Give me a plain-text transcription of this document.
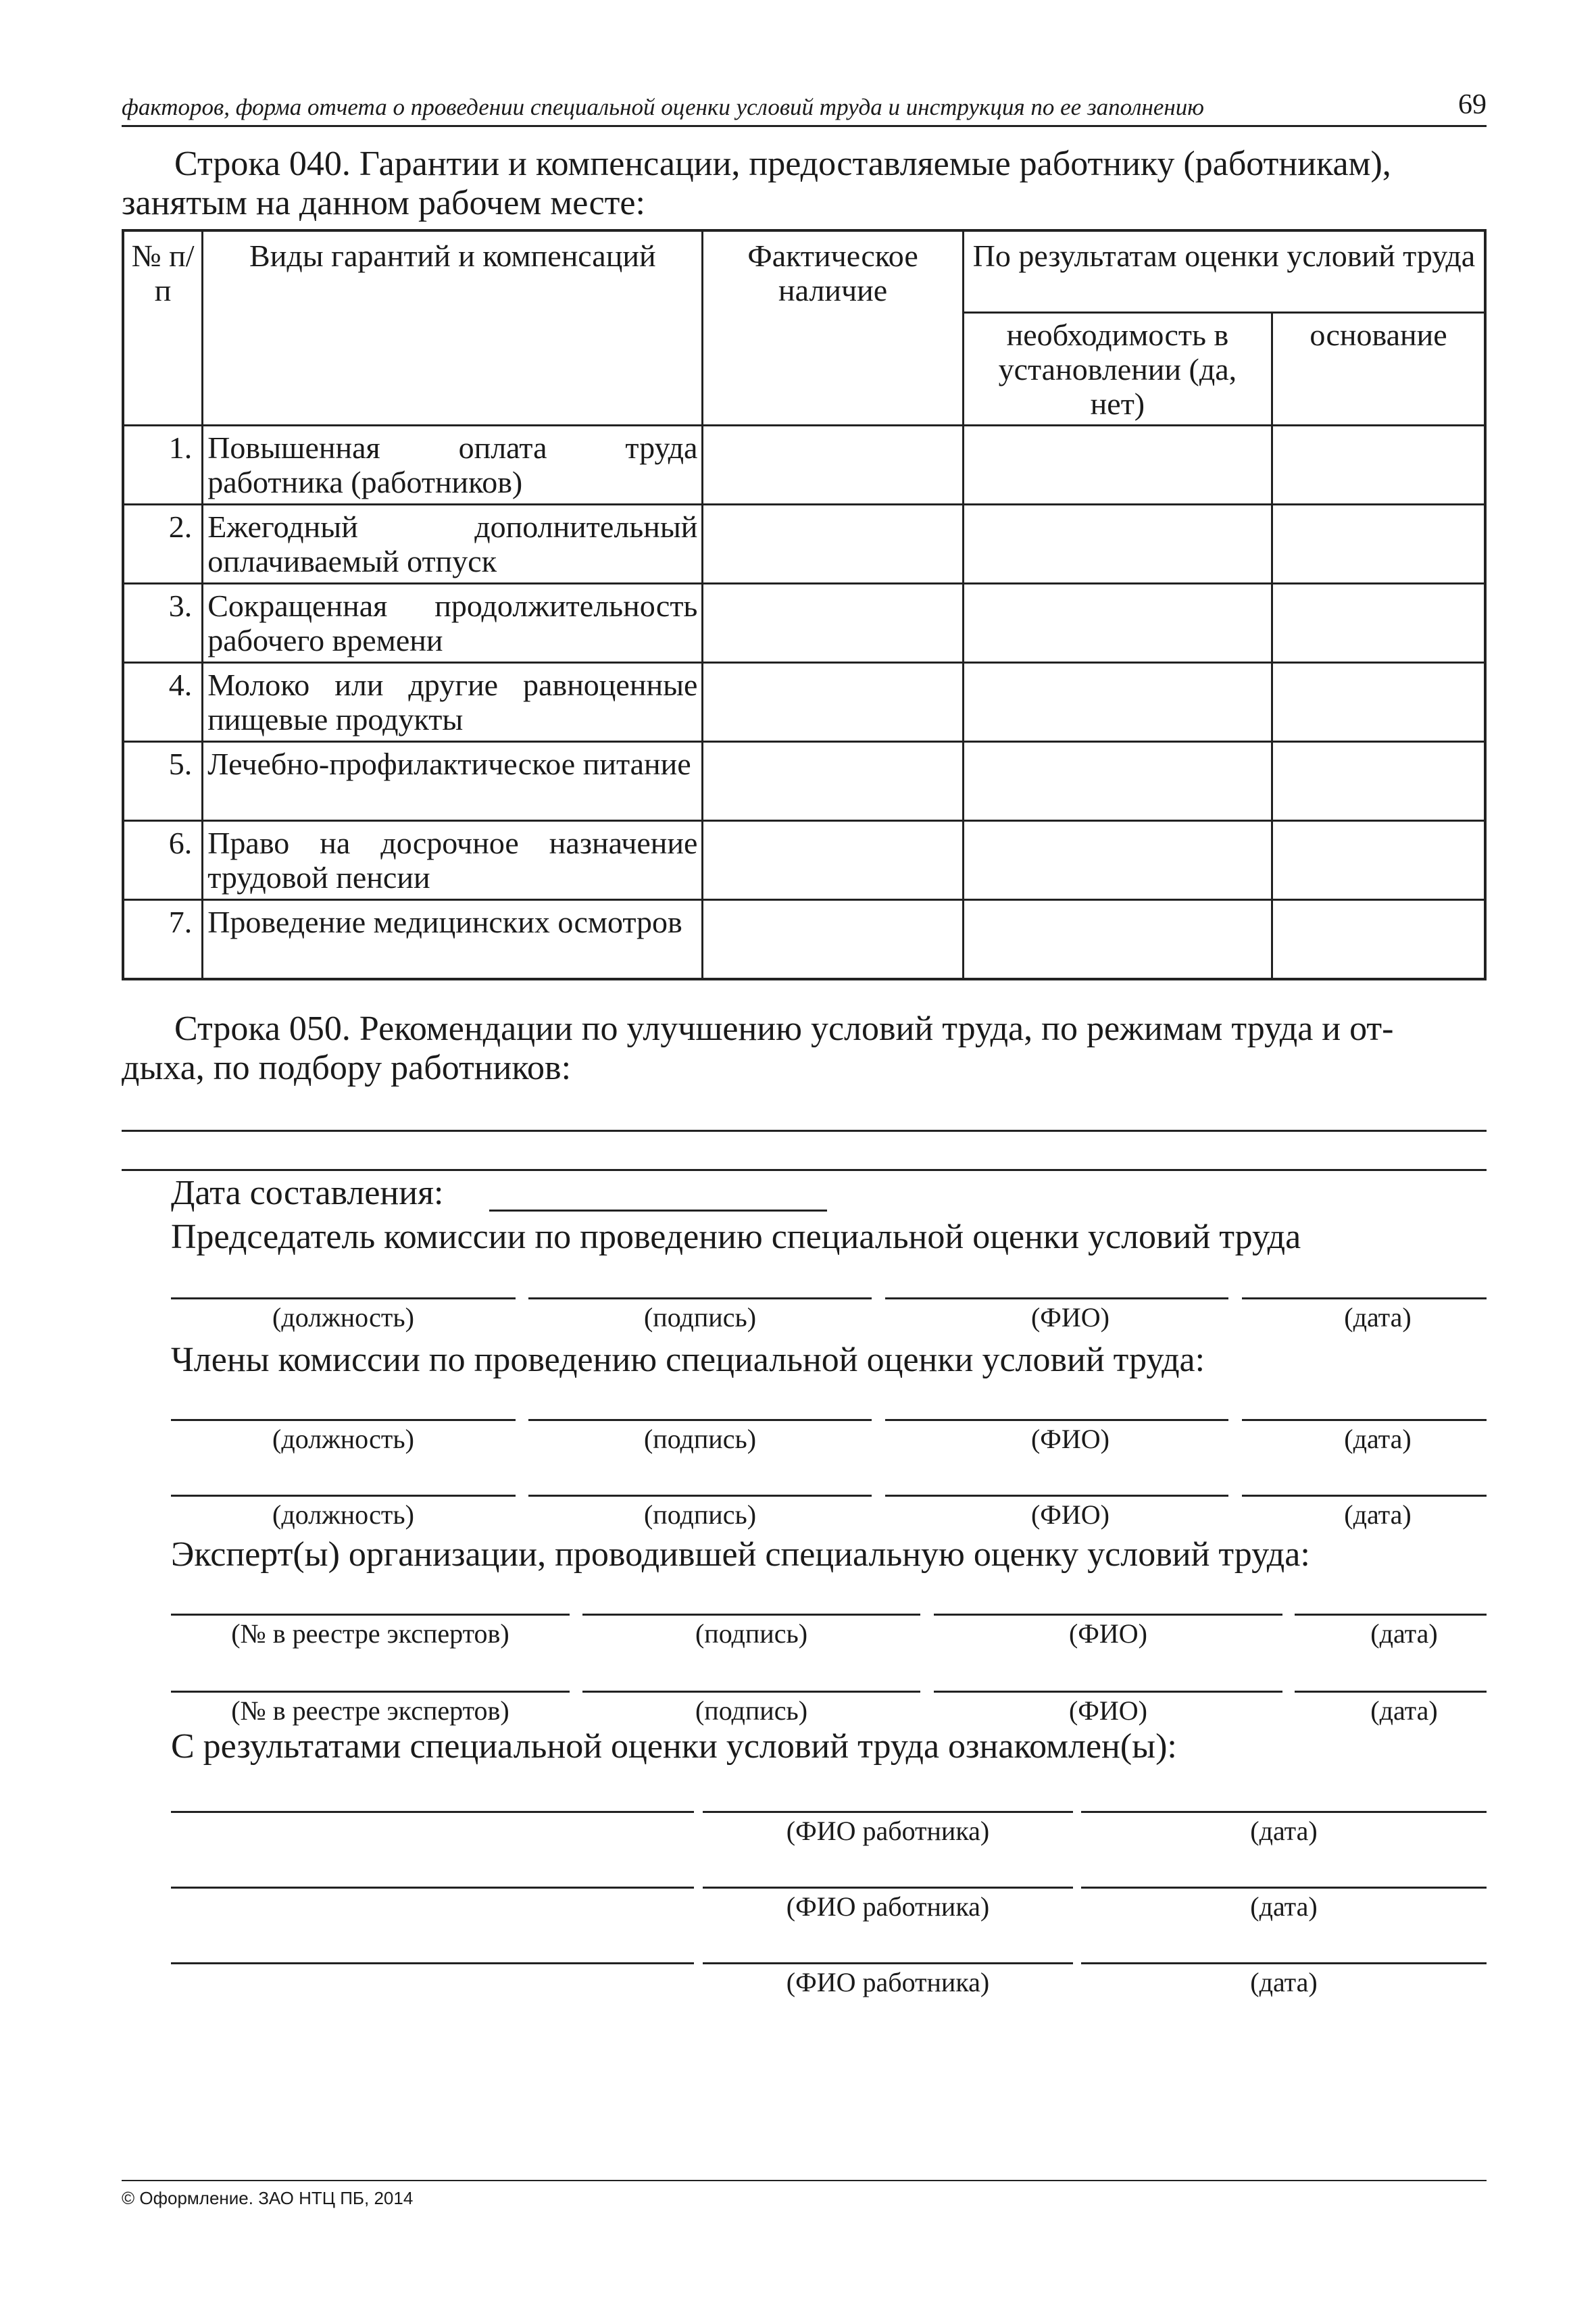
факторов, форма отчета о проведении специальной оценки условий труда и инструкция по ее заполнению	69
Строка 040. Гарантии и компенсации, предоставляемые работнику (работникам),
занятым на данном рабочем месте:
№ п/п	Виды гарантий и компенсаций	Фактическое наличие	По результатам оценки условий труда	
			необходимость в установлении (да, нет)	основание
1.	Повышенная оплата труда работника (работников)			
2.	Ежегодный дополнительный оплачиваемый отпуск			
3.	Сокращенная продолжительность рабочего времени			
4.	Молоко или другие равноценные пищевые продукты			
5.	Лечебно-профилактическое питание			
6.	Право на досрочное назначение трудовой пенсии			
7.	Проведение медицинских осмотров			
Строка 050. Рекомендации по улучшению условий труда, по режимам труда и от-
дыха, по подбору работников:
Дата составления:
Председатель комиссии по проведению специальной оценки условий труда
(должность)	(подпись)	(ФИО)	(дата)
Члены комиссии по проведению специальной оценки условий труда:
(должность)	(подпись)	(ФИО)	(дата)
(должность)	(подпись)	(ФИО)	(дата)
Эксперт(ы) организации, проводившей специальную оценку условий труда:
(№ в реестре экспертов)	(подпись)	(ФИО)	(дата)
(№ в реестре экспертов)	(подпись)	(ФИО)	(дата)
С результатами специальной оценки условий труда ознакомлен(ы):
(ФИО работника)	(дата)
(ФИО работника)	(дата)
(ФИО работника)	(дата)
© Оформление. ЗАО НТЦ ПБ, 2014
